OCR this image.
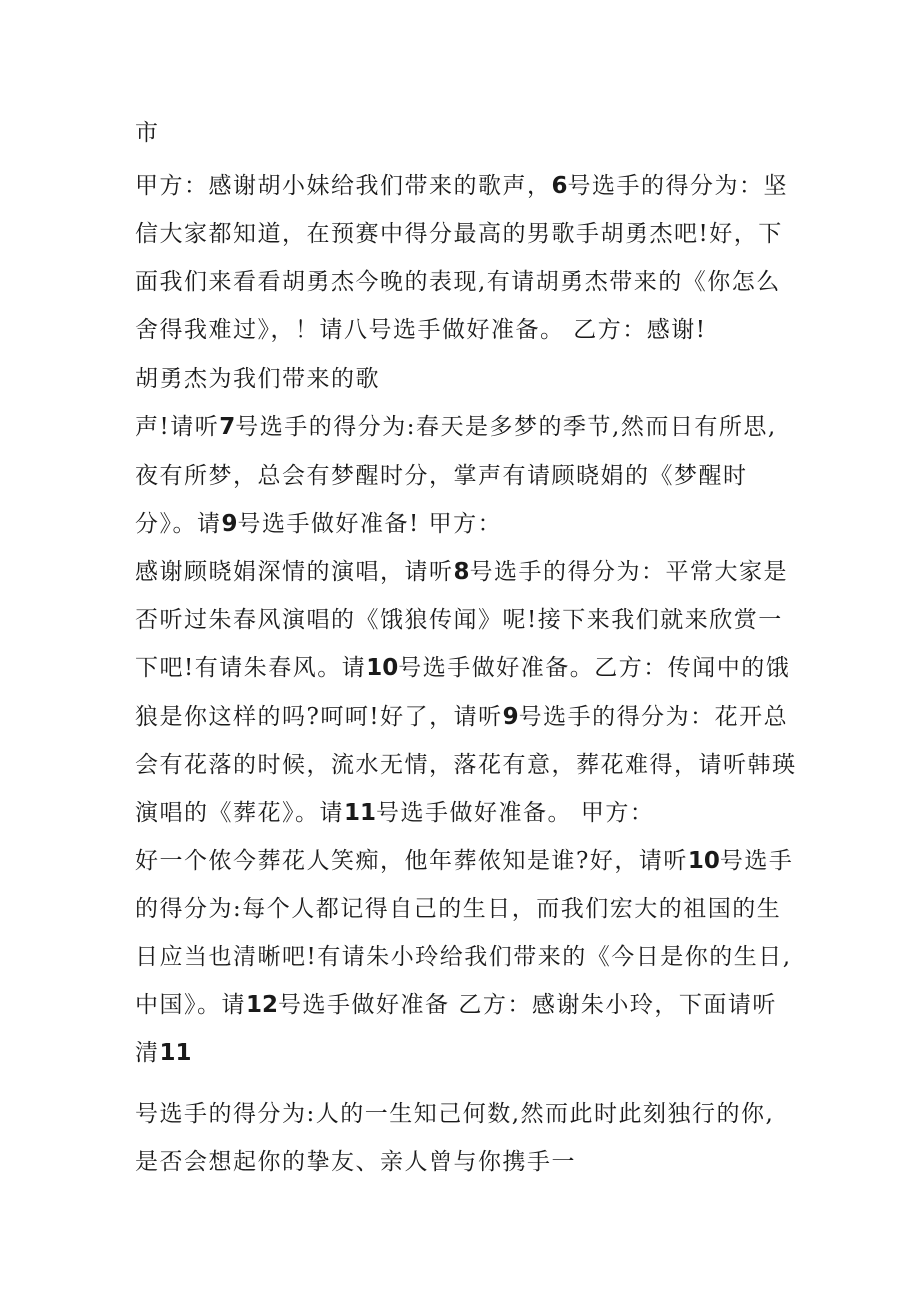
市
甲方：感谢胡小妹给我们带来的歌声，6号选手的得分为：坚
信大家都知道，在预赛中得分最高的男歌手胡勇杰吧!好，下
面我们来看看胡勇杰今晚的表现,有请胡勇杰带来的《你怎么
舍得我难过》，！请八号选手做好准备。 乙方：感谢!
胡勇杰为我们带来的歌
声!请听7号选手的得分为:春天是多梦的季节,然而日有所思,
夜有所梦，总会有梦醒时分，掌声有请顾晓娟的《梦醒时
分》。请9号选手做好准备! 甲方：
感谢顾晓娟深情的演唱，请听8号选手的得分为：平常大家是
否听过朱春风演唱的《饿狼传闻》呢!接下来我们就来欣赏一
下吧!有请朱春风。请10号选手做好准备。乙方：传闻中的饿
狼是你这样的吗?呵呵!好了，请听9号选手的得分为：花开总
会有花落的时候，流水无情，落花有意，葬花难得，请听韩瑛
演唱的《葬花》。请11号选手做好准备。 甲方：
好一个侬今葬花人笑痴，他年葬侬知是谁?好，请听10号选手
的得分为:每个人都记得自己的生日，而我们宏大的祖国的生
日应当也清晰吧!有请朱小玲给我们带来的《今日是你的生日,
中国》。请12号选手做好准备 乙方：感谢朱小玲，下面请听
清11
号选手的得分为:人的一生知己何数,然而此时此刻独行的你,
是否会想起你的挚友、亲人曾与你携手一
